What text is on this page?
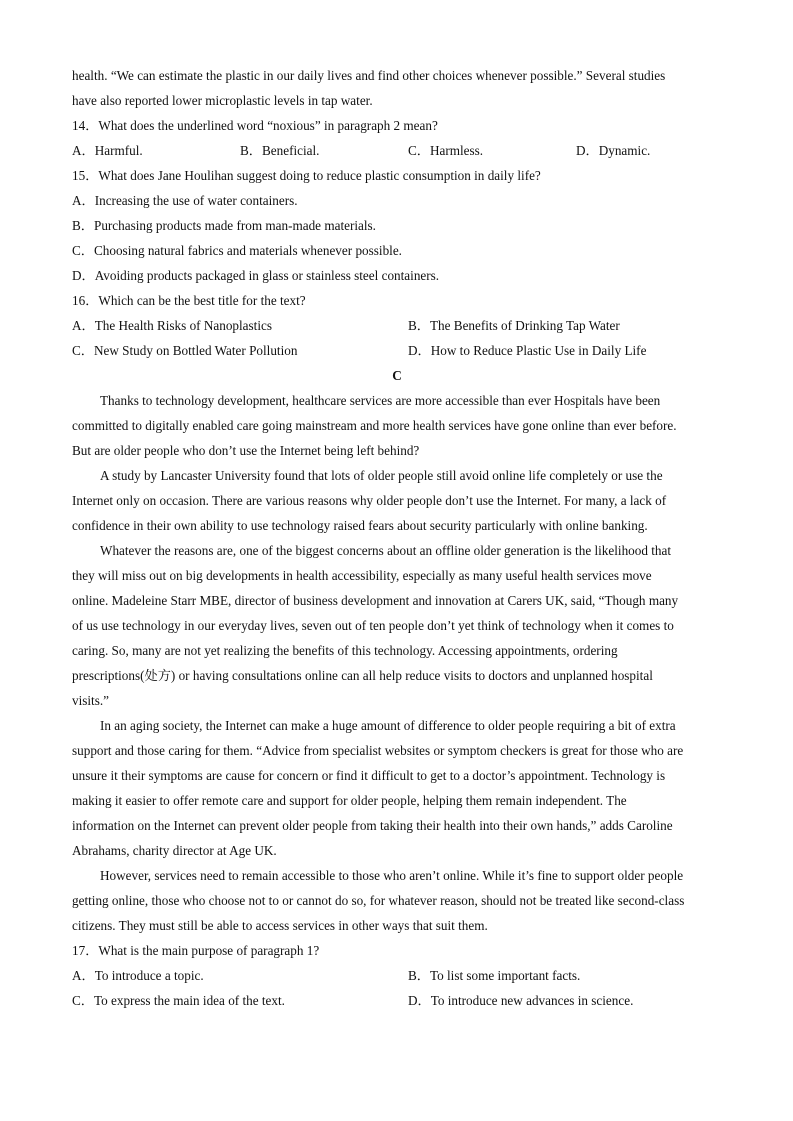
health. “We can estimate the plastic in our daily lives and find other choices whenever possible.” Several studies
have also reported lower microplastic levels in tap water.
14．What does the underlined word “noxious” in paragraph 2 mean?
A．Harmful.	B．Beneficial.	C．Harmless.	D．Dynamic.
15．What does Jane Houlihan suggest doing to reduce plastic consumption in daily life?
A．Increasing the use of water containers.
B．Purchasing products made from man-made materials.
C．Choosing natural fabrics and materials whenever possible.
D．Avoiding products packaged in glass or stainless steel containers.
16．Which can be the best title for the text?
A．The Health Risks of Nanoplastics	B．The Benefits of Drinking Tap Water
C．New Study on Bottled Water Pollution	D．How to Reduce Plastic Use in Daily Life
C
Thanks to technology development, healthcare services are more accessible than ever Hospitals have been
committed to digitally enabled care going mainstream and more health services have gone online than ever before.
But are older people who don’t use the Internet being left behind?
A study by Lancaster University found that lots of older people still avoid online life completely or use the
Internet only on occasion. There are various reasons why older people don’t use the Internet. For many, a lack of
confidence in their own ability to use technology raised fears about security particularly with online banking.
Whatever the reasons are, one of the biggest concerns about an offline older generation is the likelihood that
they will miss out on big developments in health accessibility, especially as many useful health services move
online. Madeleine Starr MBE, director of business development and innovation at Carers UK, said, “Though many
of us use technology in our everyday lives, seven out of ten people don’t yet think of technology when it comes to
caring. So, many are not yet realizing the benefits of this technology. Accessing appointments, ordering
prescriptions(处方) or having consultations online can all help reduce visits to doctors and unplanned hospital
visits.”
In an aging society, the Internet can make a huge amount of difference to older people requiring a bit of extra
support and those caring for them. “Advice from specialist websites or symptom checkers is great for those who are
unsure it their symptoms are cause for concern or find it difficult to get to a doctor’s appointment. Technology is
making it easier to offer remote care and support for older people, helping them remain independent. The
information on the Internet can prevent older people from taking their health into their own hands,” adds Caroline
Abrahams, charity director at Age UK.
However, services need to remain accessible to those who aren’t online. While it’s fine to support older people
getting online, those who choose not to or cannot do so, for whatever reason, should not be treated like second-class
citizens. They must still be able to access services in other ways that suit them.
17．What is the main purpose of paragraph 1?
A．To introduce a topic.	B．To list some important facts.
C．To express the main idea of the text.	D．To introduce new advances in science.
